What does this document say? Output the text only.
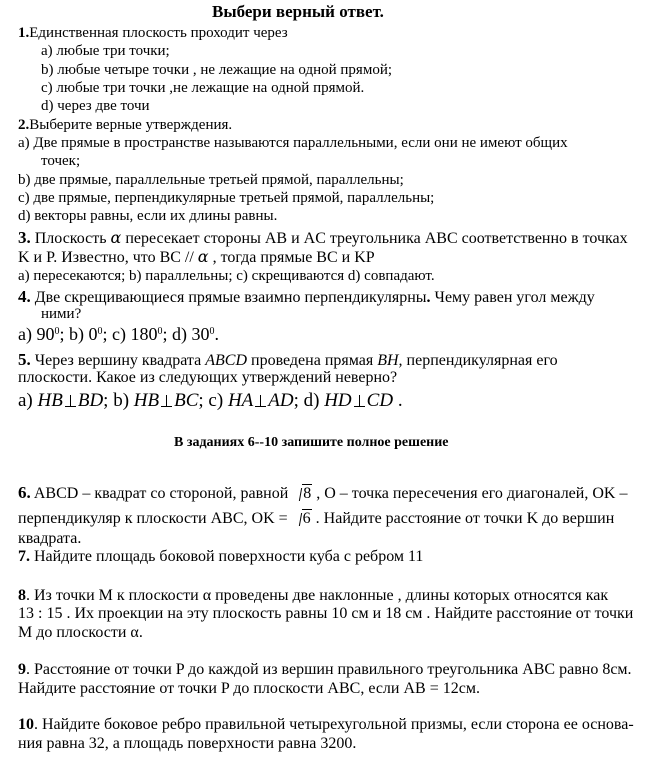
Выбери верный ответ.
1.Единственная плоскость проходит через
a) любые три точки;
b) любые четыре точки , не лежащие на одной прямой;
c) любые три точки ,не лежащие на одной прямой.
d) через две точи
2.Выберите верные утверждения.
a) Две прямые в пространстве называются параллельными, если они не имеют общих
точек;
b) две прямые, параллельные третьей прямой, параллельны;
c) две прямые, перпендикулярные третьей прямой, параллельны;
d) векторы равны, если их длины равны.
3. Плоскость α пересекает стороны AB и AC треугольника ABC соответственно в точках
K и P. Известно, что BC // α , тогда прямые BC и KP
a) пересекаются; b) параллельны; c) скрещиваются d) совпадают.
4. Две скрещивающиеся прямые взаимно перпендикулярны. Чему равен угол между
ними?
a) $90^0$; b) $0^0$; c) $180^0$; d) $30^0$.
5. Через вершину квадрата ABCD проведена прямая BH, перпендикулярная его
плоскости. Какое из следующих утверждений неверно?
a) HB BD; b) HB BC; c) HA AD; d) HD CD .
В заданиях 6--10 запишите полное решение
6. ABCD – квадрат со стороной, равной 8 , O – точка пересечения его диагоналей, OK –
перпендикуляр к плоскости ABC, OK = 6 . Найдите расстояние от точки K до вершин
квадрата.
7. Найдите площадь боковой поверхности куба с ребром 11
8. Из точки M к плоскости α проведены две наклонные , длины которых относятся как
13 : 15 . Их проекции на эту плоскость равны 10 см и 18 см . Найдите расстояние от точки
M до плоскости α.
9. Расстояние от точки P до каждой из вершин правильного треугольника ABC равно 8см.
Найдите расстояние от точки P до плоскости ABC, если AB = 12см.
10. Найдите боковое ребро правильной четырехугольной призмы, если сторона ее основа-
ния равна 32, а площадь поверхности равна 3200.
